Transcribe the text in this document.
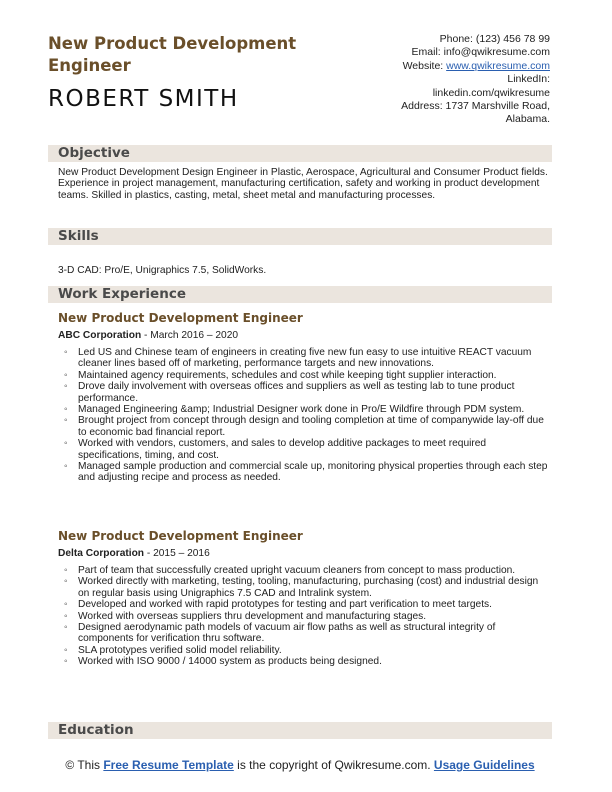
New Product Development Engineer
ROBERT SMITH
Phone: (123) 456 78 99
Email: info@qwikresume.com
Website: www.qwikresume.com
LinkedIn:
linkedin.com/qwikresume
Address: 1737 Marshville Road,
Alabama.
Objective
New Product Development Design Engineer in Plastic, Aerospace, Agricultural and Consumer Product fields. Experience in project management, manufacturing certification, safety and working in product development teams. Skilled in plastics, casting, metal, sheet metal and manufacturing processes.
Skills
3-D CAD: Pro/E, Unigraphics 7.5, SolidWorks.
Work Experience
New Product Development Engineer
ABC Corporation - March 2016 – 2020
◦ Led US and Chinese team of engineers in creating five new fun easy to use intuitive REACT vacuum cleaner lines based off of marketing, performance targets and new innovations.
◦ Maintained agency requirements, schedules and cost while keeping tight supplier interaction.
◦ Drove daily involvement with overseas offices and suppliers as well as testing lab to tune product performance.
◦ Managed Engineering &amp; Industrial Designer work done in Pro/E Wildfire through PDM system.
◦ Brought project from concept through design and tooling completion at time of companywide lay-off due to economic bad financial report.
◦ Worked with vendors, customers, and sales to develop additive packages to meet required specifications, timing, and cost.
◦ Managed sample production and commercial scale up, monitoring physical properties through each step and adjusting recipe and process as needed.
New Product Development Engineer
Delta Corporation - 2015 – 2016
◦ Part of team that successfully created upright vacuum cleaners from concept to mass production.
◦ Worked directly with marketing, testing, tooling, manufacturing, purchasing (cost) and industrial design on regular basis using Unigraphics 7.5 CAD and Intralink system.
◦ Developed and worked with rapid prototypes for testing and part verification to meet targets.
◦ Worked with overseas suppliers thru development and manufacturing stages.
◦ Designed aerodynamic path models of vacuum air flow paths as well as structural integrity of components for verification thru software.
◦ SLA prototypes verified solid model reliability.
◦ Worked with ISO 9000 / 14000 system as products being designed.
Education
© This Free Resume Template is the copyright of Qwikresume.com. Usage Guidelines
